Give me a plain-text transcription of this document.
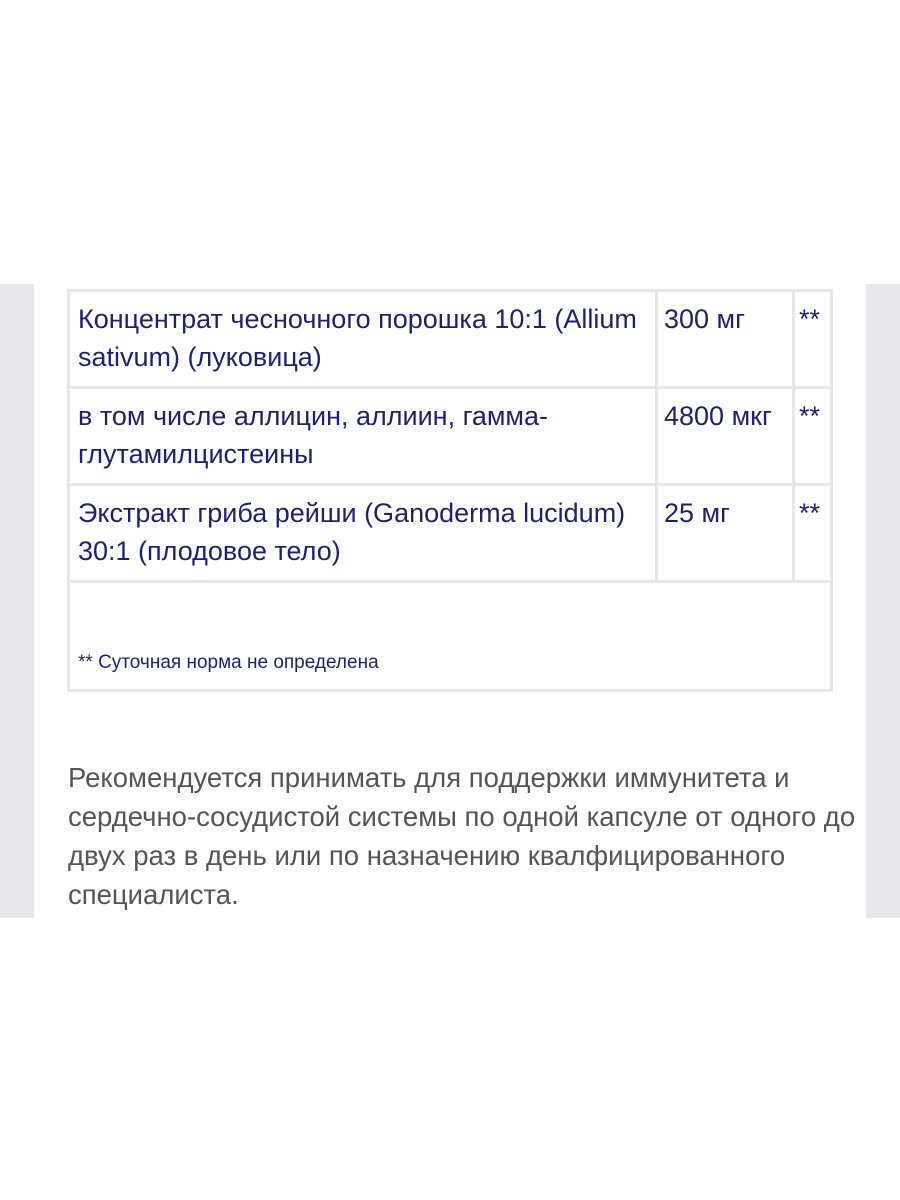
Концентрат чесночного порошка 10:1 (Allium sativum) (луковица)	300 мг	**
в том числе аллицин, аллиин, гамма-глутамилцистеины	4800 мкг	**
Экстракт гриба рейши (Ganoderma lucidum) 30:1 (плодовое тело)	25 мг	**
** Суточная норма не определена		

Рекомендуется принимать для поддержки иммунитета и сердечно-сосудистой системы по одной капсуле от одного до двух раз в день или по назначению квалфицированного специалиста.
